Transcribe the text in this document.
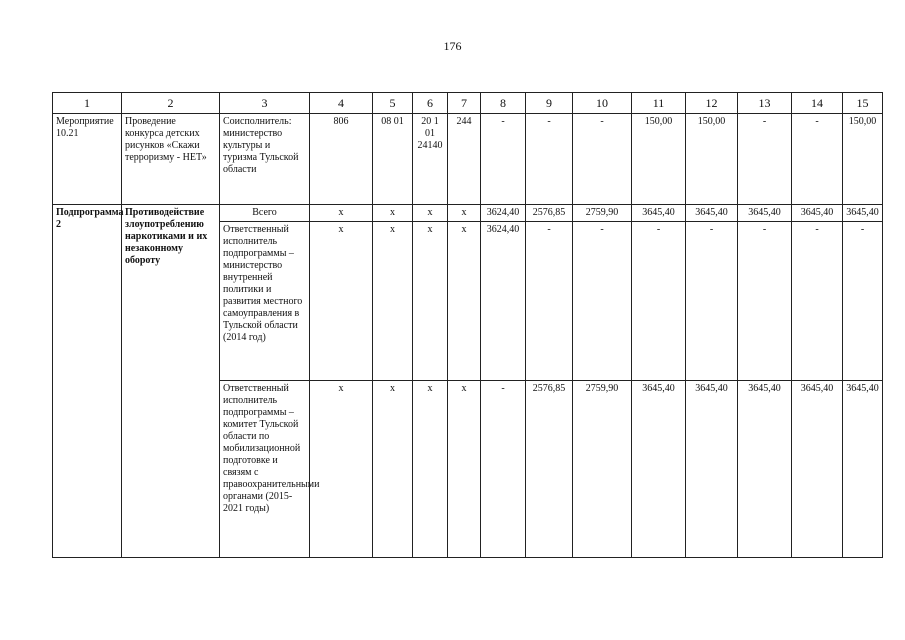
176
1	2	3	4	5	6	7	8	9	10	11	12	13	14	15
Мероприятие 10.21	Проведение конкурса детских рисунков «Скажи терроризму - НЕТ»	Соисполнитель: министерство культуры и туризма Тульской области	806	08 01	20 1 01 24140	244	-	-	-	150,00	150,00	-	-	150,00
Подпрограмма 2	Противодействие злоупотреблению наркотиками и их незаконному обороту	Всего	х	х	х	х	3624,40	2576,85	2759,90	3645,40	3645,40	3645,40	3645,40	3645,40
		Ответственный исполнитель подпрограммы – министерство внутренней политики и развития местного самоуправления в Тульской области (2014 год)	х	х	х	х	3624,40	-	-	-	-	-	-	-
		Ответственный исполнитель подпрограммы – комитет Тульской области по мобилизационной подготовке и связям с правоохранительными органами (2015-2021 годы)	х	х	х	х	-	2576,85	2759,90	3645,40	3645,40	3645,40	3645,40	3645,40
